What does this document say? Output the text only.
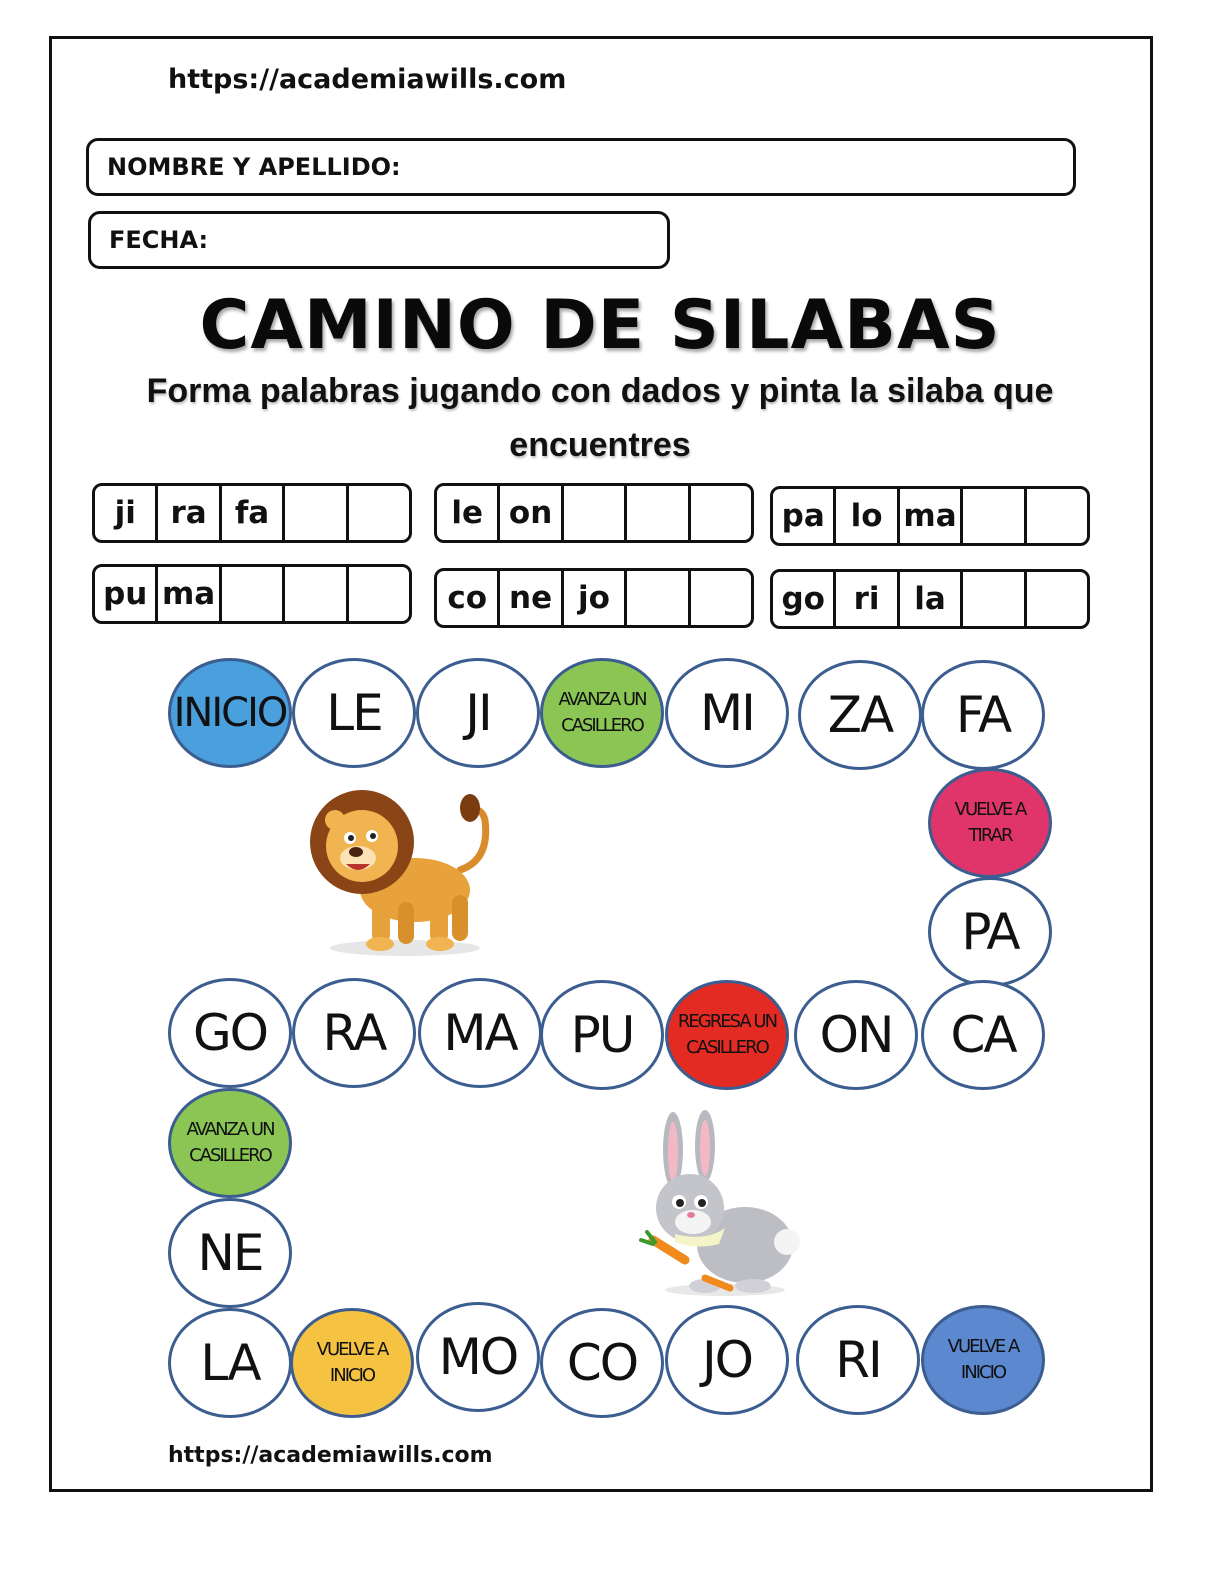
https://academiawills.com
NOMBRE Y APELLIDO:
FECHA:
CAMINO DE SILABAS
Forma palabras jugando con dados y pinta la silaba que encuentres
ji	ra fa	le on	pa lo ma
pu ma	co ne jo	go ri	la
INICIO LE JI	AVANZA UN CASILLERO MI ZA FA
VUELVE A TIRAR
PA
CA
ON
REGRESA UN CASILLERO
PU
MA
RA
GO
AVANZA UN CASILLERO
NE
LA	VUELVE A INICIO	MO CO JO RI	VUELVE A INICIO
https://academiawills.com
